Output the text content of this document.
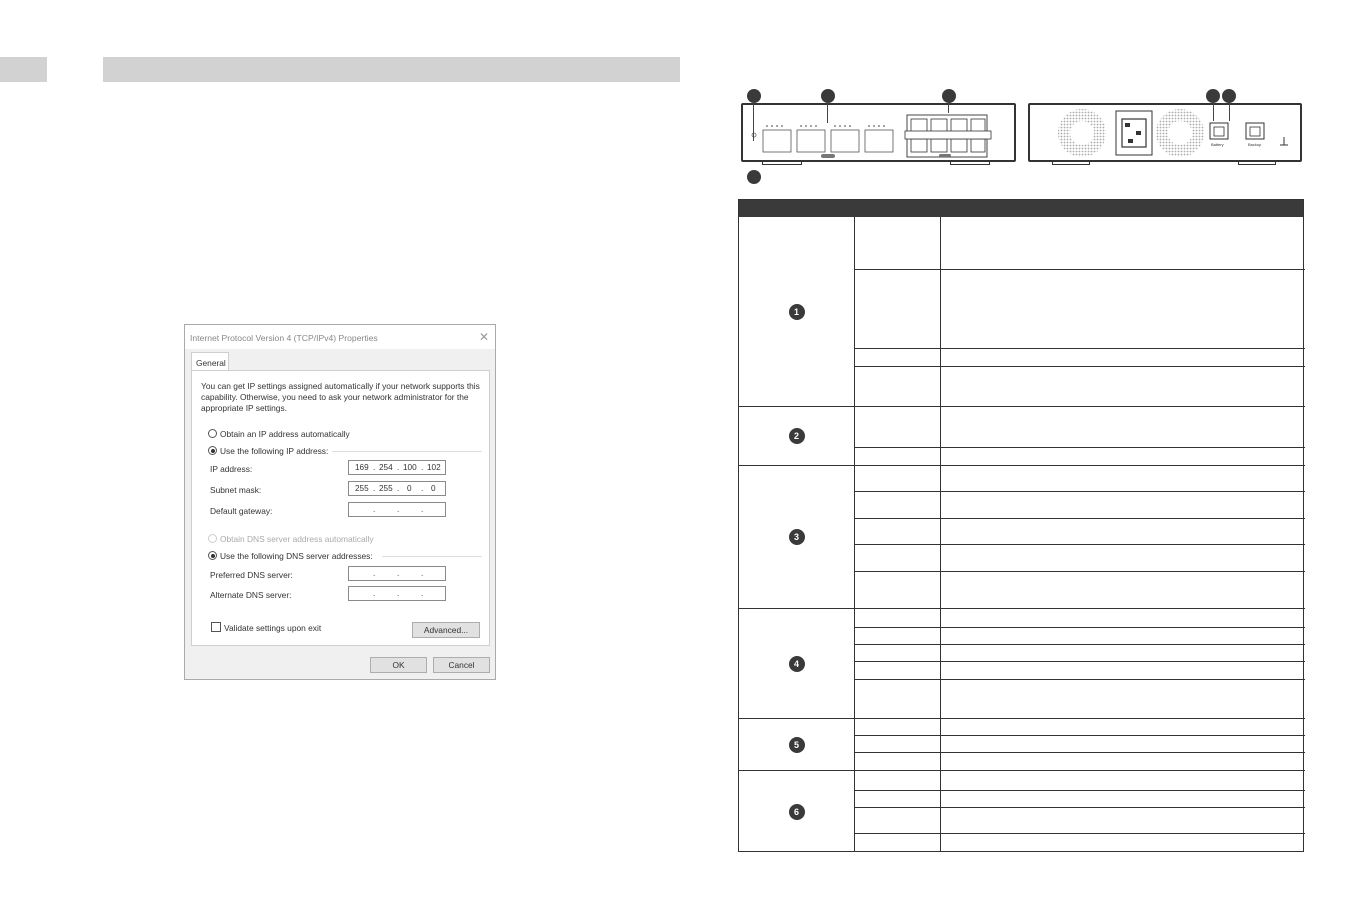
Internet Protocol Version 4 (TCP/IPv4) Properties	✕
General
You can get IP settings assigned automatically if your network supports this capability. Otherwise, you need to ask your network administrator for the appropriate IP settings.
Obtain an IP address automatically
Use the following IP address:
IP address:	169 . 254 . 100 . 102
Subnet mask:	255 . 255 . 0 . 0
Default gateway:	.	.	.
Obtain DNS server address automatically
Use the following DNS server addresses:
Preferred DNS server:	.	.	.
Alternate DNS server:	.	.	.
Validate settings upon exit	Advanced...
OK	Cancel
Battery	Backup
1
2
3
4
5
6
